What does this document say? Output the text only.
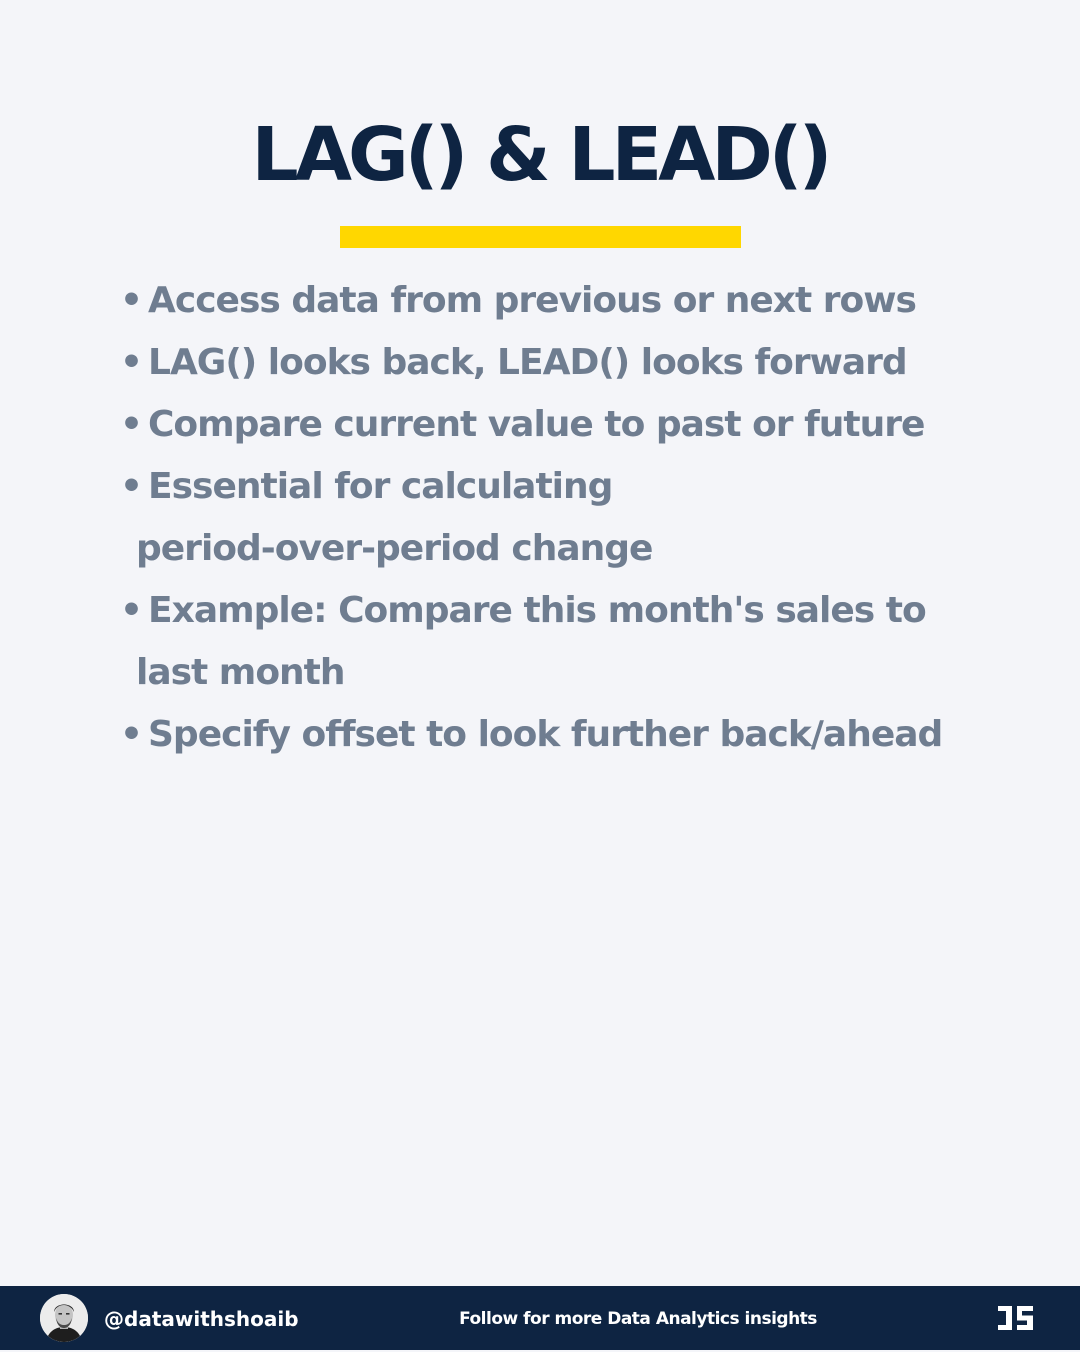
LAG() & LEAD()
• Access data from previous or next rows
• LAG() looks back, LEAD() looks forward
• Compare current value to past or future
• Essential for calculating
period-over-period change
• Example: Compare this month's sales to
last month
• Specify offset to look further back/ahead
@datawithshoaib	Follow for more Data Analytics insights
